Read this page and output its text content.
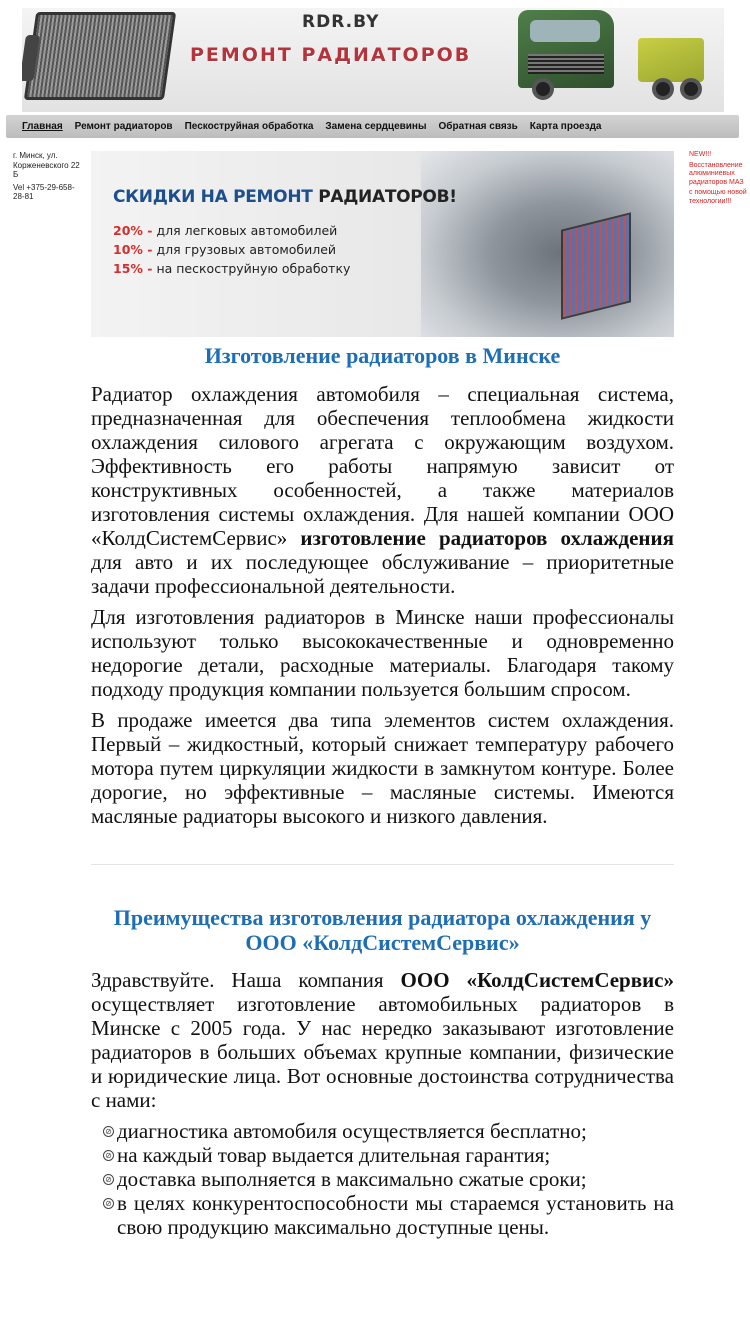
RDR.BY
РЕМОНТ РАДИАТОРОВ
Главная	Ремонт радиаторов	Пескоструйная обработка	Замена сердцевины	Обратная связь	Карта проезда

г. Минск, ул. Корженевского 22 Б

Vel +375-29-658-28-81

NEW!!!

Восстановление алюминиевых радиаторов МАЗ

с помощью новой технологии!!!

СКИДКИ НА РЕМОНТ РАДИАТОРОВ!
20% - для легковых автомобилей
10% - для грузовых автомобилей
15% - на пескоструйную обработку
Изготовление радиаторов в Минске

Радиатор охлаждения автомобиля – специальная система, предназначенная для обеспечения теплообмена жидкости охлаждения силового агрегата с окружающим воздухом. Эффективность его работы напрямую зависит от конструктивных особенностей, а также материалов изготовления системы охлаждения. Для нашей компании ООО «КолдСистемСервис» изготовление радиаторов охлаждения для авто и их последующее обслуживание – приоритетные задачи профессиональной деятельности.

Для изготовления радиаторов в Минске наши профессионалы используют только высококачественные и одновременно недорогие детали, расходные материалы. Благодаря такому подходу продукция компании пользуется большим спросом.

В продаже имеется два типа элементов систем охлаждения. Первый – жидкостный, который снижает температуру рабочего мотора путем циркуляции жидкости в замкнутом контуре. Более дорогие, но эффективные – масляные системы. Имеются масляные радиаторы высокого и низкого давления.

Преимущества изготовления радиатора охлаждения у ООО «КолдСистемСервис»

Здравствуйте. Наша компания ООО «КолдСистемСервис» осуществляет изготовление автомобильных радиаторов в Минске с 2005 года. У нас нередко заказывают изготовление радиаторов в больших объемах крупные компании, физические и юридические лица. Вот основные достоинства сотрудничества с нами:

⊘ диагностика автомобиля осуществляется бесплатно;
⊘ на каждый товар выдается длительная гарантия;
⊘ доставка выполняется в максимально сжатые сроки;
⊘ в целях конкурентоспособности мы стараемся установить на свою продукцию максимально доступные цены.
